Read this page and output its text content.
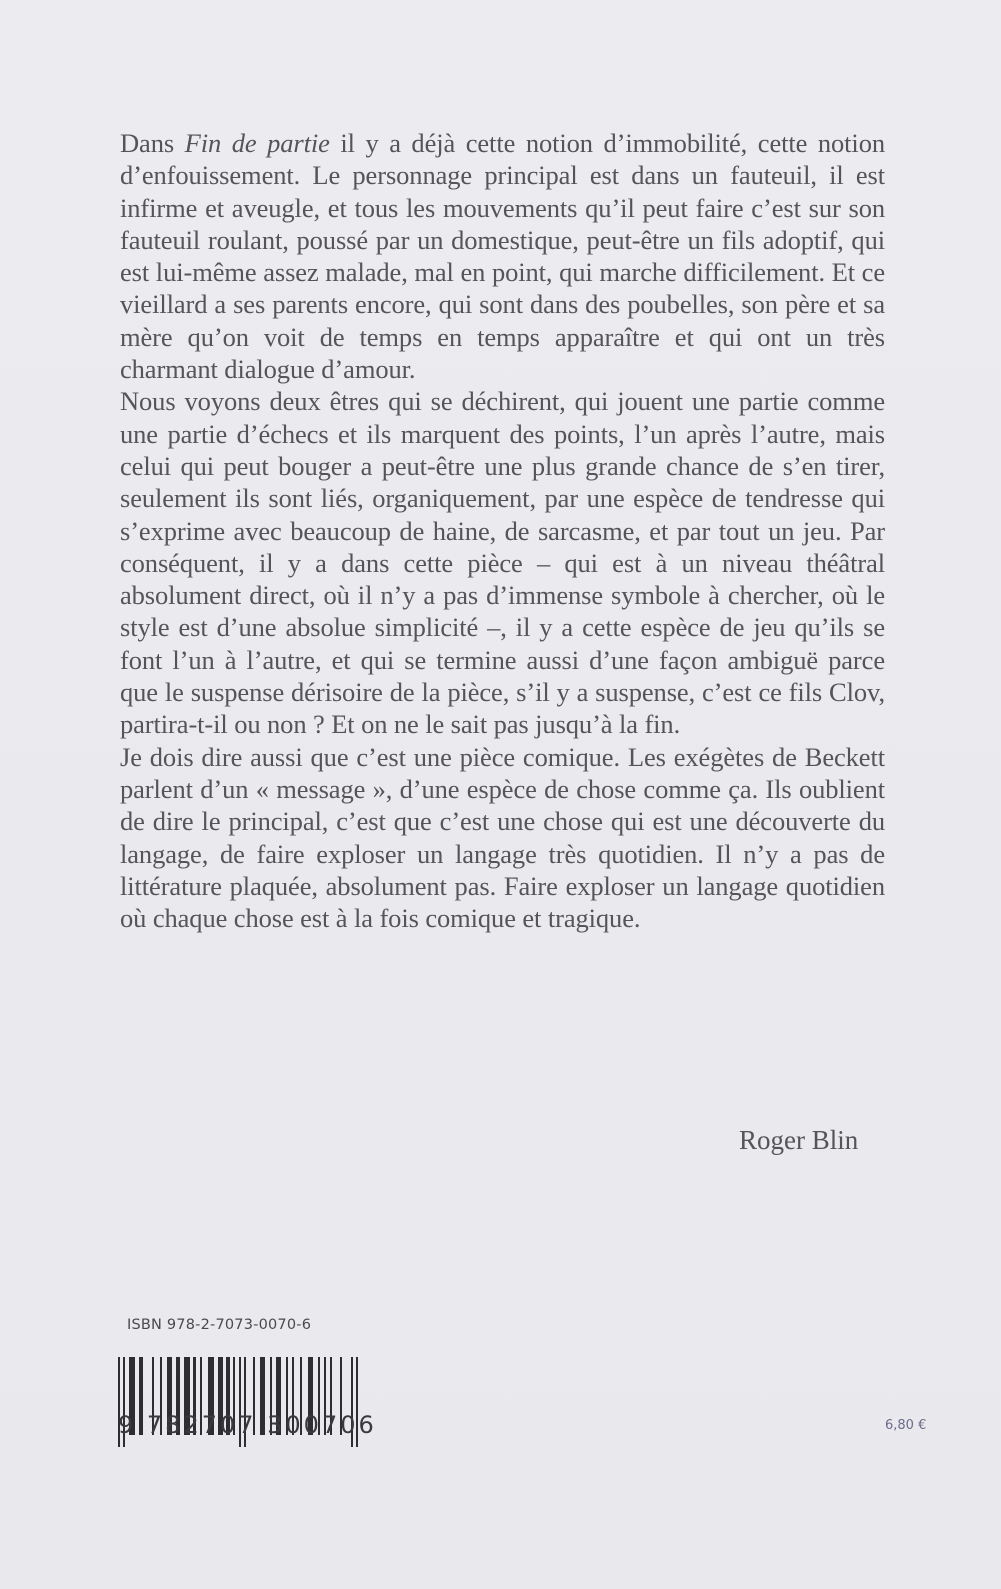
Dans Fin de partie il y a déjà cette notion d’immobilité, cette notion d’enfouissement. Le personnage principal est dans un fauteuil, il est infirme et aveugle, et tous les mouvements qu’il peut faire c’est sur son fauteuil roulant, poussé par un domestique, peut-être un fils adoptif, qui est lui-même assez malade, mal en point, qui marche difficilement. Et ce vieillard a ses parents encore, qui sont dans des poubelles, son père et sa mère qu’on voit de temps en temps apparaître et qui ont un très charmant dialogue d’amour.

Nous voyons deux êtres qui se déchirent, qui jouent une partie comme une partie d’échecs et ils marquent des points, l’un après l’autre, mais celui qui peut bouger a peut-être une plus grande chance de s’en tirer, seulement ils sont liés, organiquement, par une espèce de tendresse qui s’exprime avec beaucoup de haine, de sarcasme, et par tout un jeu. Par conséquent, il y a dans cette pièce – qui est à un niveau théâtral absolument direct, où il n’y a pas d’immense symbole à chercher, où le style est d’une absolue simplicité –, il y a cette espèce de jeu qu’ils se font l’un à l’autre, et qui se termine aussi d’une façon ambiguë parce que le suspense dérisoire de la pièce, s’il y a suspense, c’est ce fils Clov, partira-t-il ou non ? Et on ne le sait pas jusqu’à la fin.

Je dois dire aussi que c’est une pièce comique. Les exégètes de Beckett parlent d’un « message », d’une espèce de chose comme ça. Ils oublient de dire le principal, c’est que c’est une chose qui est une découverte du langage, de faire exploser un langage très quotidien. Il n’y a pas de littérature plaquée, absolument pas. Faire exploser un langage quotidien où chaque chose est à la fois comique et tragique.

Roger Blin
ISBN 978-2-7073-0070-6
9 782707 300706	6,80 €
